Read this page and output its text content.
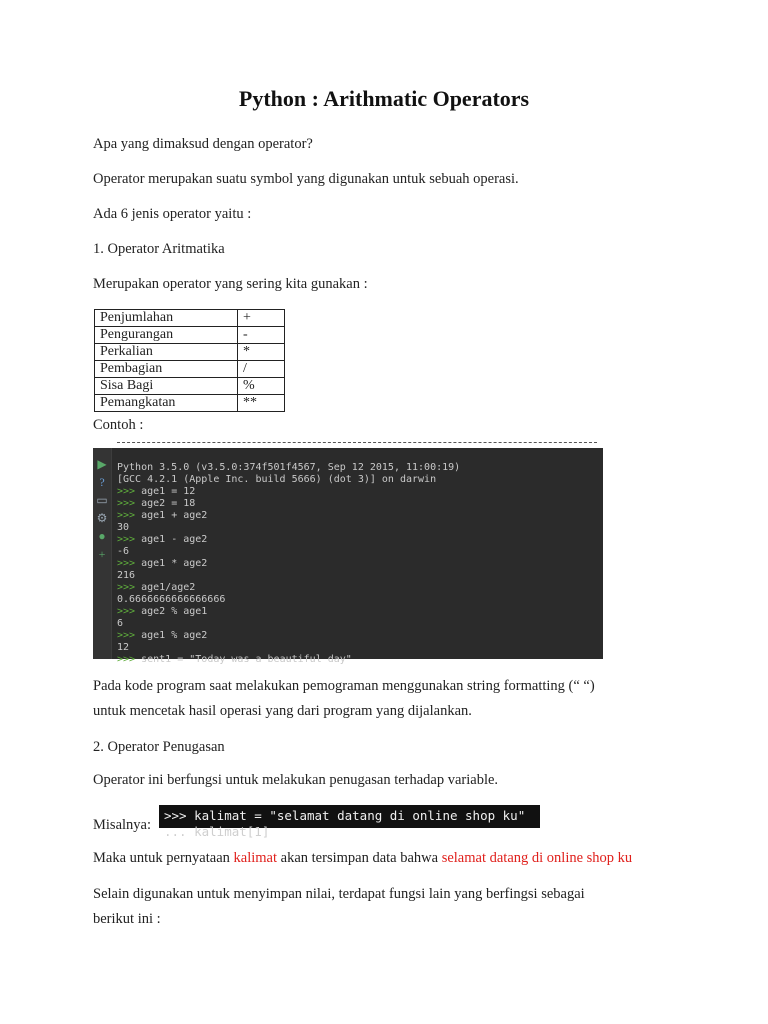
Python : Arithmatic Operators
Apa yang dimaksud dengan operator?
Operator merupakan suatu symbol yang digunakan untuk sebuah operasi.
Ada 6 jenis operator yaitu :
1. Operator Aritmatika
Merupakan operator yang sering kita gunakan :
Penjumlahan	+
Pengurangan	-
Perkalian	*
Pembagian	/
Sisa Bagi	%
Pemangkatan	**
Contoh :
▶
?
▭
⚙
●
+
Python 3.5.0 (v3.5.0:374f501f4567, Sep 12 2015, 11:00:19)
[GCC 4.2.1 (Apple Inc. build 5666) (dot 3)] on darwin
>>> age1 = 12
>>> age2 = 18
>>> age1 + age2
30
>>> age1 - age2
-6
>>> age1 * age2
216
>>> age1/age2
0.6666666666666666
>>> age2 % age1
6
>>> age1 % age2
12
>>> sent1 = "Today was a beautiful day"
Pada kode program saat melakukan pemograman menggunakan string formatting (“ “)
untuk mencetak hasil operasi yang dari program yang dijalankan.
2. Operator Penugasan
Operator ini berfungsi untuk melakukan penugasan terhadap variable.
Misalnya:
>>> kalimat = "selamat datang di online shop ku"
... kalimat[1]
Maka untuk pernyataan kalimat akan tersimpan data bahwa selamat datang di online shop ku
Selain digunakan untuk menyimpan nilai, terdapat fungsi lain yang berfingsi sebagai
berikut ini :
